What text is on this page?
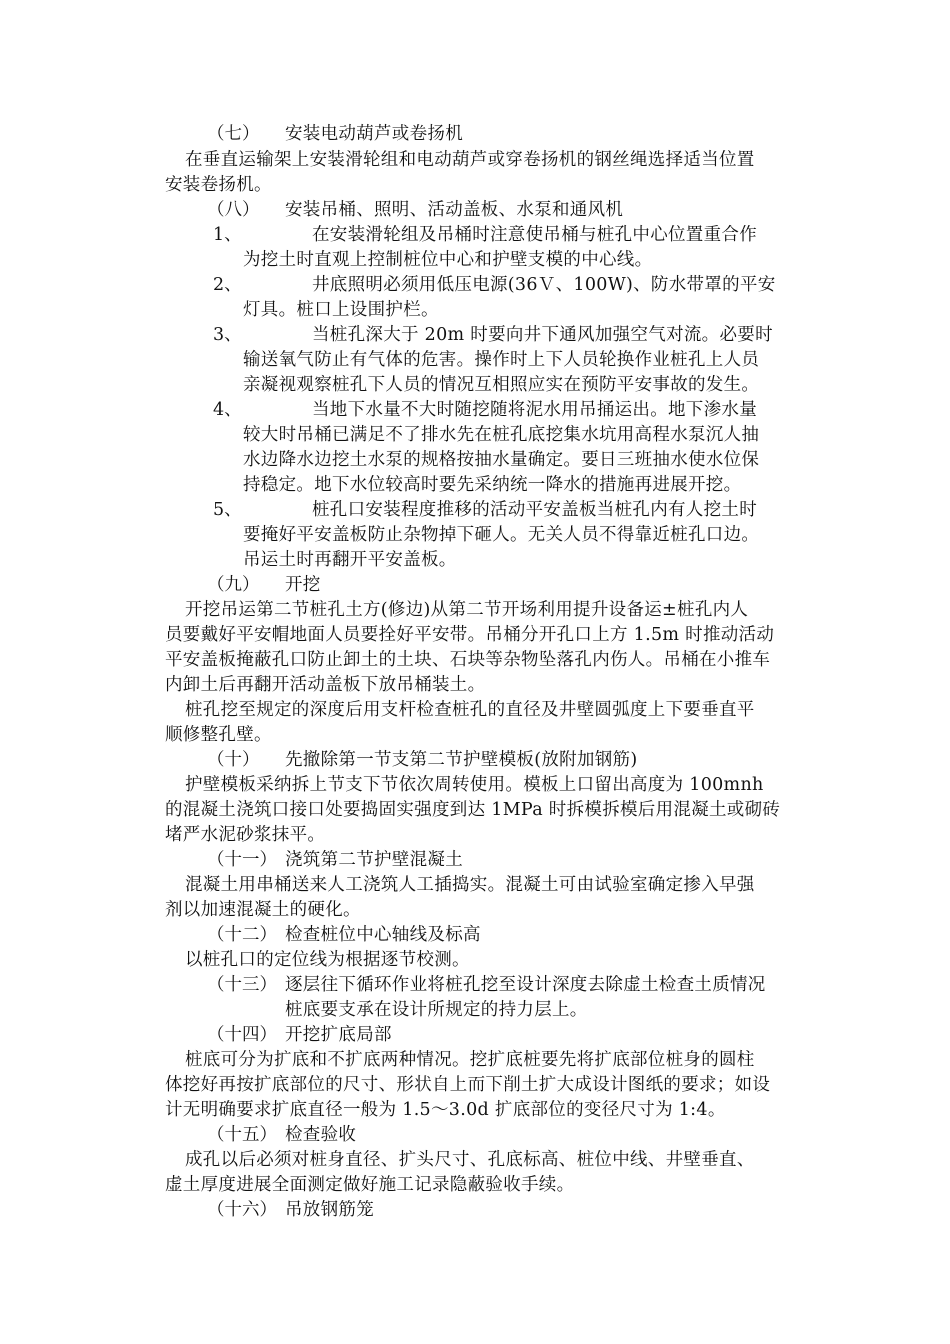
（七） 安装电动葫芦或卷扬机
在垂直运输架上安装滑轮组和电动葫芦或穿卷扬机的钢丝绳选择适当位置
安装卷扬机。
（八） 安装吊桶、照明、活动盖板、水泵和通风机
1、	在安装滑轮组及吊桶时注意使吊桶与桩孔中心位置重合作
为挖土时直观上控制桩位中心和护壁支模的中心线。
2、	井底照明必须用低压电源(36Ｖ、100W)、防水带罩的平安
灯具。桩口上设围护栏。
3、	当桩孔深大于 20m 时要向井下通风加强空气对流。必要时
输送氧气防止有气体的危害。操作时上下人员轮换作业桩孔上人员
亲凝视观察桩孔下人员的情况互相照应实在预防平安事故的发生。
4、	当地下水量不大时随挖随将泥水用吊捅运出。地下渗水量
较大时吊桶已满足不了排水先在桩孔底挖集水坑用高程水泵沉人抽
水边降水边挖土水泵的规格按抽水量确定。要日三班抽水使水位保
持稳定。地下水位较高时要先采纳统一降水的措施再进展开挖。
5、	桩孔口安装程度推移的活动平安盖板当桩孔内有人挖土时
要掩好平安盖板防止杂物掉下砸人。无关人员不得靠近桩孔口边。
吊运土时再翻开平安盖板。
（九） 开挖
开挖吊运第二节桩孔土方(修边)从第二节开场利用提升设备运±桩孔内人
员要戴好平安帽地面人员要拴好平安带。吊桶分开孔口上方 1.5m 时推动活动
平安盖板掩蔽孔口防止卸土的土块、石块等杂物坠落孔内伤人。吊桶在小推车
内卸土后再翻开活动盖板下放吊桶装土。
桩孔挖至规定的深度后用支杆检查桩孔的直径及井壁圆弧度上下要垂直平
顺修整孔壁。
（十） 先撤除第一节支第二节护壁模板(放附加钢筋)
护壁模板采纳拆上节支下节依次周转使用。模板上口留出高度为 100mnh
的混凝土浇筑口接口处要捣固实强度到达 1MPa 时拆模拆模后用混凝土或砌砖
堵严水泥砂浆抹平。
（十一） 浇筑第二节护壁混凝土
混凝土用串桶送来人工浇筑人工插捣实。混凝土可由试验室确定掺入早强
剂以加速混凝土的硬化。
（十二） 检查桩位中心轴线及标高
以桩孔口的定位线为根据逐节校测。
（十三） 逐层往下循环作业将桩孔挖至设计深度去除虚土检查土质情况
桩底要支承在设计所规定的持力层上。
（十四） 开挖扩底局部
桩底可分为扩底和不扩底两种情况。挖扩底桩要先将扩底部位桩身的圆柱
体挖好再按扩底部位的尺寸、形状自上而下削土扩大成设计图纸的要求；如设
计无明确要求扩底直径一般为 1.5～3.0d 扩底部位的变径尺寸为 1:4。
（十五） 检查验收
成孔以后必须对桩身直径、扩头尺寸、孔底标高、桩位中线、井壁垂直、
虚土厚度进展全面测定做好施工记录隐蔽验收手续。
（十六） 吊放钢筋笼
